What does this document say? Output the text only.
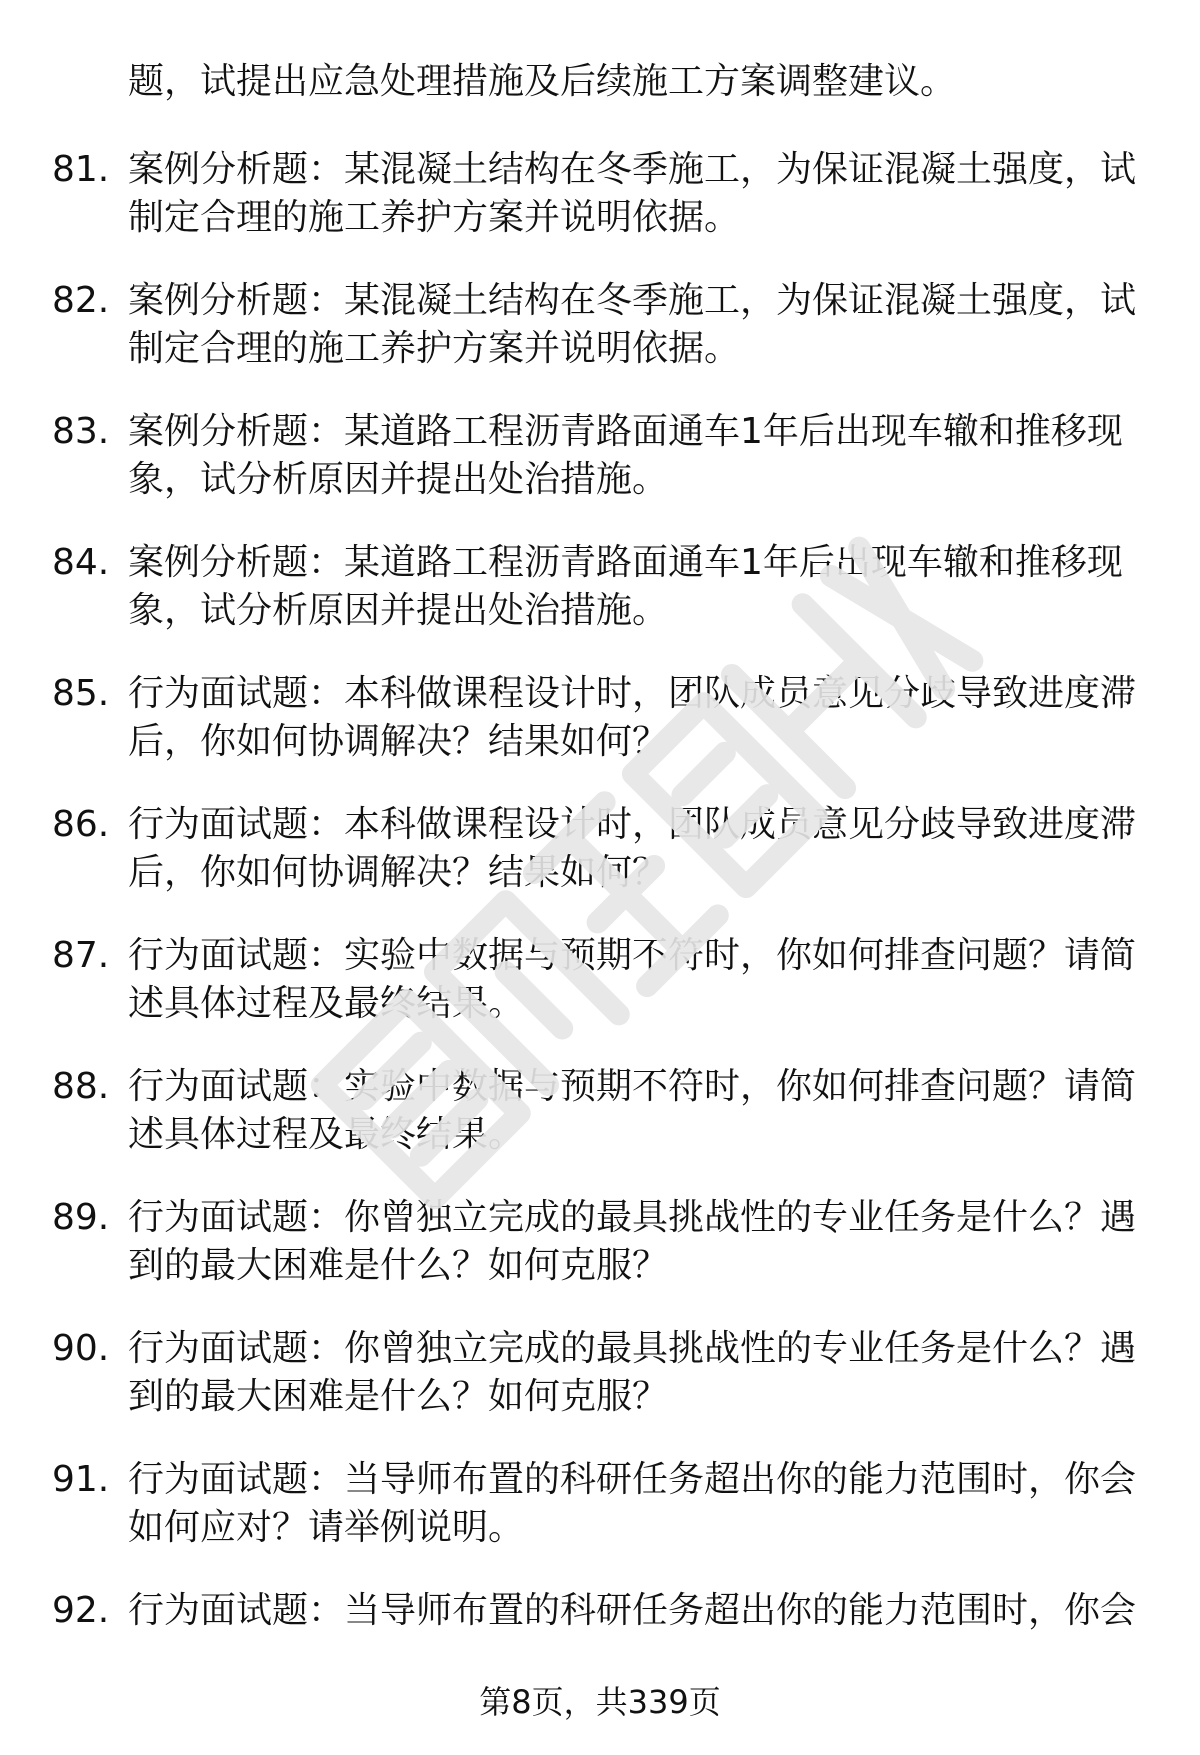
题，试提出应急处理措施及后续施工方案调整建议。
81. 案例分析题：某混凝土结构在冬季施工，为保证混凝土强度，试制定合理的施工养护方案并说明依据。
82. 案例分析题：某混凝土结构在冬季施工，为保证混凝土强度，试制定合理的施工养护方案并说明依据。
83. 案例分析题：某道路工程沥青路面通车1年后出现车辙和推移现象，试分析原因并提出处治措施。
84. 案例分析题：某道路工程沥青路面通车1年后出现车辙和推移现象，试分析原因并提出处治措施。
85. 行为面试题：本科做课程设计时，团队成员意见分歧导致进度滞后，你如何协调解决？结果如何？
86. 行为面试题：本科做课程设计时，团队成员意见分歧导致进度滞后，你如何协调解决？结果如何？
87. 行为面试题：实验中数据与预期不符时，你如何排查问题？请简述具体过程及最终结果。
88. 行为面试题：实验中数据与预期不符时，你如何排查问题？请简述具体过程及最终结果。
89. 行为面试题：你曾独立完成的最具挑战性的专业任务是什么？遇到的最大困难是什么？如何克服？
90. 行为面试题：你曾独立完成的最具挑战性的专业任务是什么？遇到的最大困难是什么？如何克服？
91. 行为面试题：当导师布置的科研任务超出你的能力范围时，你会如何应对？请举例说明。
92. 行为面试题：当导师布置的科研任务超出你的能力范围时，你会
第8页，共339页
